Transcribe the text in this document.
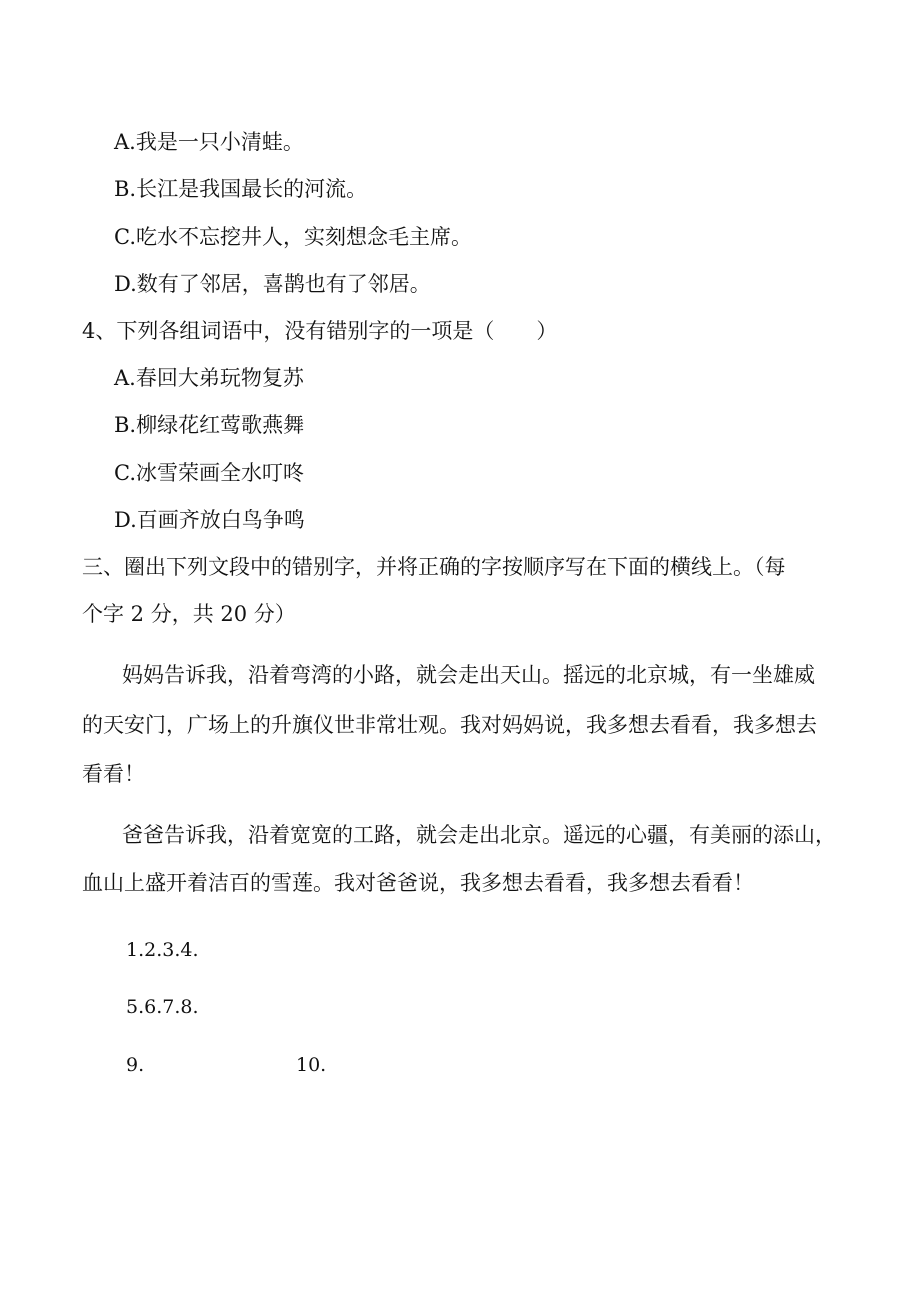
A.我是一只小清蛙。

B.长江是我国最长的河流。

C.吃水不忘挖井人，实刻想念毛主席。

D.数有了邻居，喜鹊也有了邻居。

4、下列各组词语中，没有错别字的一项是（　　）

A.春回大弟玩物复苏

B.柳绿花红莺歌燕舞

C.冰雪荣画全水叮咚

D.百画齐放白鸟争鸣

三、圈出下列文段中的错别字，并将正确的字按顺序写在下面的横线上。（每

个字 2 分，共 20 分）

妈妈告诉我，沿着弯湾的小路，就会走出天山。摇远的北京城，有一坐雄威

的天安门，广场上的升旗仪世非常壮观。我对妈妈说，我多想去看看，我多想去

看看！

爸爸告诉我，沿着宽宽的工路，就会走出北京。遥远的心疆，有美丽的添山，

血山上盛开着洁百的雪莲。我对爸爸说，我多想去看看，我多想去看看！

1.2.3.4.

5.6.7.8.

9.	10.
